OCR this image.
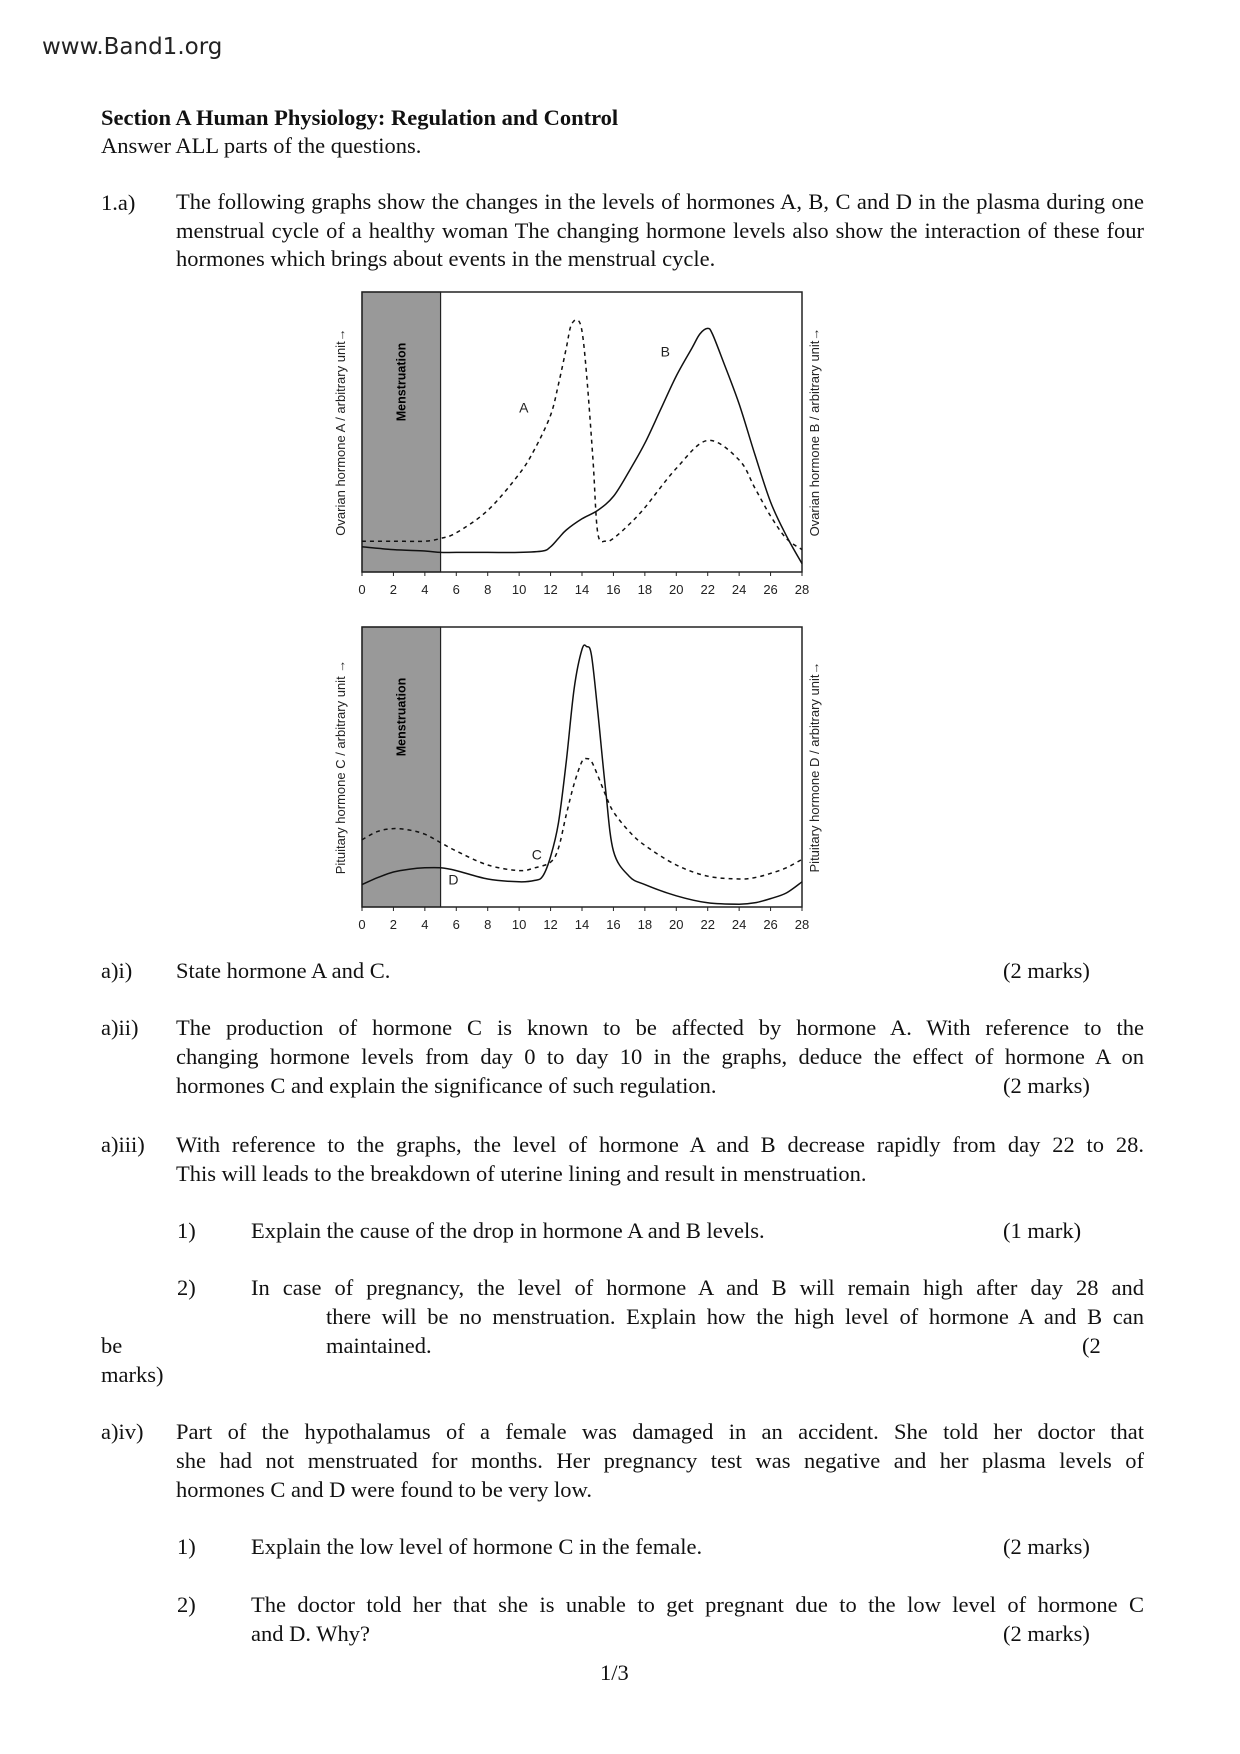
www.Band1.org
Section A Human Physiology: Regulation and Control
Answer ALL parts of the questions.
1.a) The following graphs show the changes in the levels of hormones A, B, C and D in the plasma during one menstrual cycle of a healthy woman The changing hormone levels also show the interaction of these four hormones which brings about events in the menstrual cycle.
Menstruation
0 2 4 6 8 10 12 14 16 18 20 22 24 26 28
Ovarian hormone A / arbitrary unit→	Ovarian hormone B / arbitrary unit→
A
B
Menstruation
0 2 4 6 8 10 12 14 16 18 20 22 24 26 28
Pituitary hormone C / arbitrary unit →	Pituitary hormone D / arbitrary unit→
C
D
a)i) State hormone A and C.	(2 marks)
a)ii) The production of hormone C is known to be affected by hormone A. With reference to the
changing hormone levels from day 0 to day 10 in the graphs, deduce the effect of hormone A on
hormones C and explain the significance of such regulation.	(2 marks)
a)iii) With reference to the graphs, the level of hormone A and B decrease rapidly from day 22 to 28.
This will leads to the breakdown of uterine lining and result in menstruation.
1) Explain the cause of the drop in hormone A and B levels.	(1 mark)
2) In case of pregnancy, the level of hormone A and B will remain high after day 28 and
there will be no menstruation. Explain how the high level of hormone A and B can
be	maintained.	(2
marks)
a)iv) Part of the hypothalamus of a female was damaged in an accident. She told her doctor that
she had not menstruated for months. Her pregnancy test was negative and her plasma levels of
hormones C and D were found to be very low.
1) Explain the low level of hormone C in the female.	(2 marks)
2) The doctor told her that she is unable to get pregnant due to the low level of hormone C
and D. Why?	(2 marks)
1/3
